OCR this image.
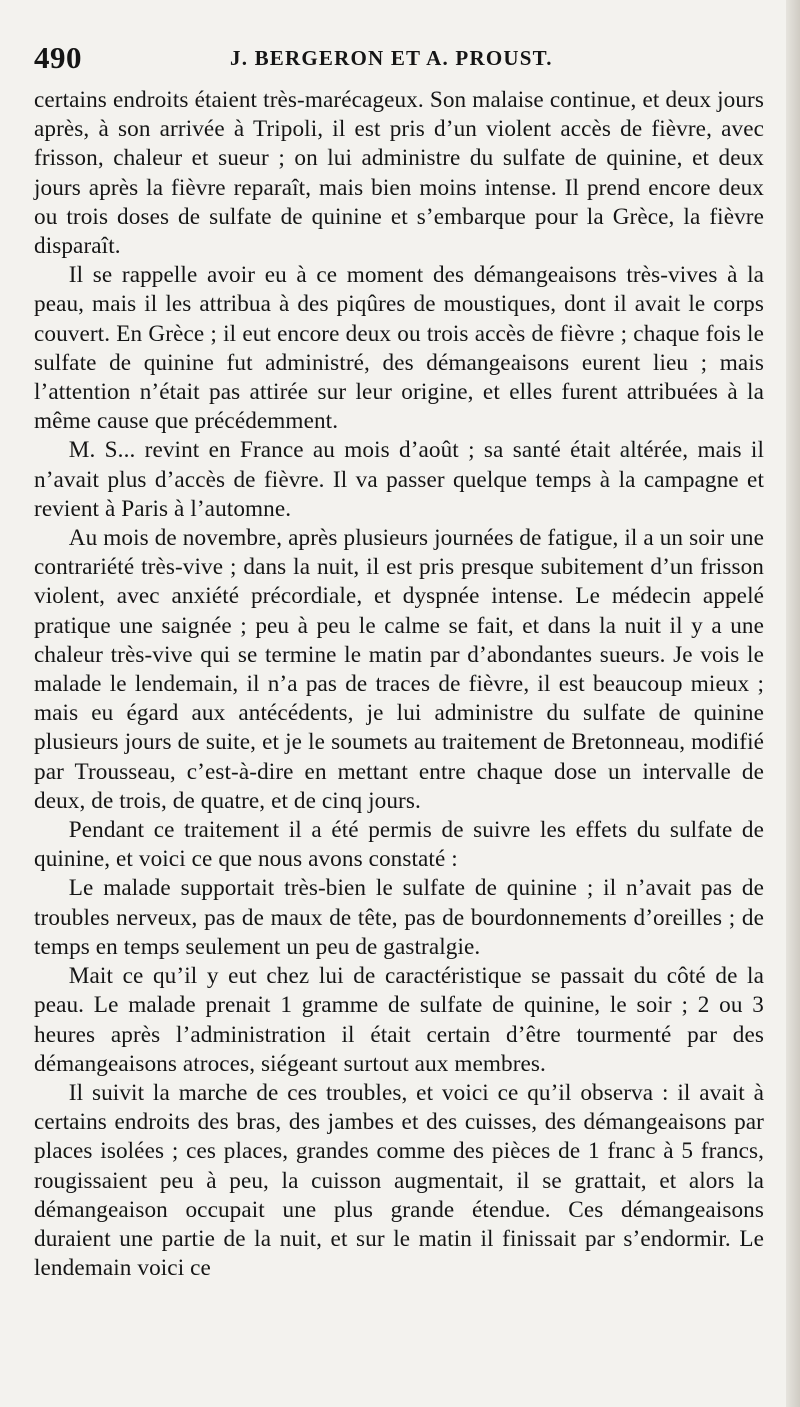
490	J. BERGERON ET A. PROUST.

certains endroits étaient très-marécageux. Son malaise continue, et deux jours après, à son arrivée à Tripoli, il est pris d’un violent accès de fièvre, avec frisson, chaleur et sueur ; on lui administre du sulfate de quinine, et deux jours après la fièvre reparaît, mais bien moins intense. Il prend encore deux ou trois doses de sulfate de quinine et s’embarque pour la Grèce, la fièvre disparaît.

Il se rappelle avoir eu à ce moment des démangeaisons très-vives à la peau, mais il les attribua à des piqûres de moustiques, dont il avait le corps couvert. En Grèce ; il eut encore deux ou trois accès de fièvre ; chaque fois le sulfate de quinine fut administré, des démangeaisons eurent lieu ; mais l’attention n’était pas attirée sur leur origine, et elles furent attribuées à la même cause que précédemment.

M. S... revint en France au mois d’août ; sa santé était altérée, mais il n’avait plus d’accès de fièvre. Il va passer quelque temps à la campagne et revient à Paris à l’automne.

Au mois de novembre, après plusieurs journées de fatigue, il a un soir une contrariété très-vive ; dans la nuit, il est pris presque subitement d’un frisson violent, avec anxiété précordiale, et dyspnée intense. Le médecin appelé pratique une saignée ; peu à peu le calme se fait, et dans la nuit il y a une chaleur très-vive qui se termine le matin par d’abondantes sueurs. Je vois le malade le lendemain, il n’a pas de traces de fièvre, il est beaucoup mieux ; mais eu égard aux antécédents, je lui administre du sulfate de quinine plusieurs jours de suite, et je le soumets au traitement de Bretonneau, modifié par Trousseau, c’est-à-dire en mettant entre chaque dose un intervalle de deux, de trois, de quatre, et de cinq jours.

Pendant ce traitement il a été permis de suivre les effets du sulfate de quinine, et voici ce que nous avons constaté :

Le malade supportait très-bien le sulfate de quinine ; il n’avait pas de troubles nerveux, pas de maux de tête, pas de bourdonnements d’oreilles ; de temps en temps seulement un peu de gastralgie.

Mait ce qu’il y eut chez lui de caractéristique se passait du côté de la peau. Le malade prenait 1 gramme de sulfate de quinine, le soir ; 2 ou 3 heures après l’administration il était certain d’être tourmenté par des démangeaisons atroces, siégeant surtout aux membres.

Il suivit la marche de ces troubles, et voici ce qu’il observa : il avait à certains endroits des bras, des jambes et des cuisses, des démangeaisons par places isolées ; ces places, grandes comme des pièces de 1 franc à 5 francs, rougissaient peu à peu, la cuisson augmentait, il se grattait, et alors la démangeaison occupait une plus grande étendue. Ces démangeaisons duraient une partie de la nuit, et sur le matin il finissait par s’endormir. Le lendemain voici ce
